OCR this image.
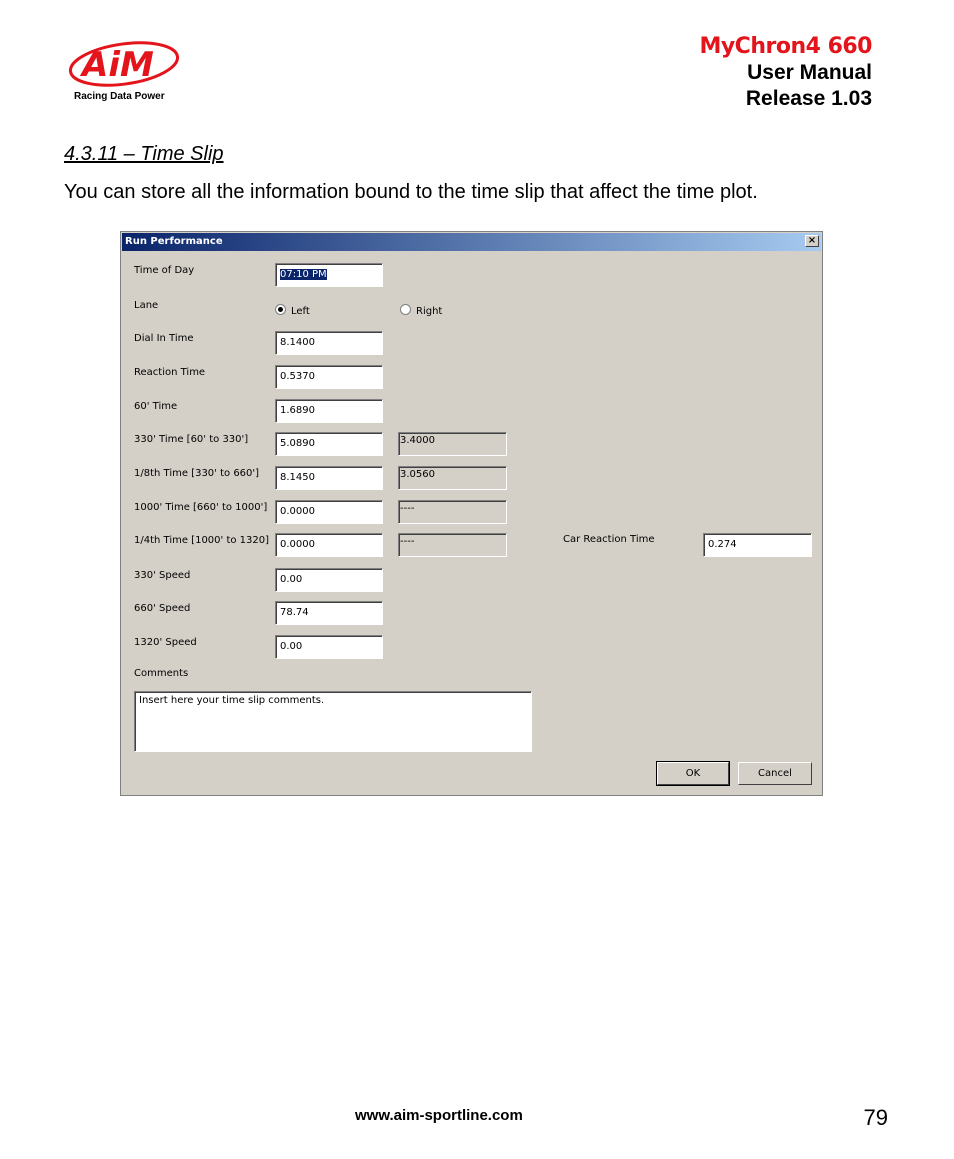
AiM
Racing Data Power
MyChron4 660
User Manual
Release 1.03
4.3.11 – Time Slip
You can store all the information bound to the time slip that affect the time plot.
Run Performance	×
Time of Day	07:10 PM
Lane
Left	Right
Dial In Time	8.1400
Reaction Time	0.5370
60' Time	1.6890
330' Time [60' to 330']	5.0890	3.4000
1/8th Time [330' to 660']	8.1450	3.0560
1000' Time [660' to 1000']	0.0000	----
1/4th Time [1000' to 1320]	0.0000	----	Car Reaction Time	0.274
330' Speed	0.00
660' Speed	78.74
1320' Speed	0.00
Comments
Insert here your time slip comments.
OK	Cancel
www.aim-sportline.com	79
